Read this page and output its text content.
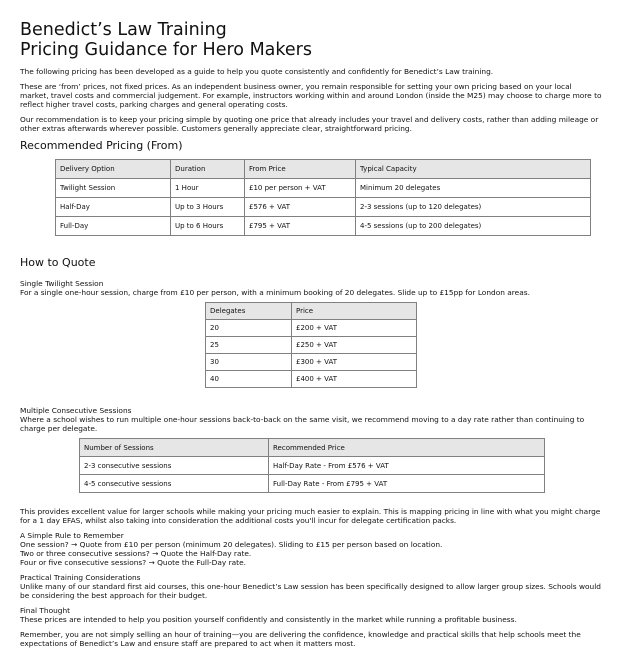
Benedict’s Law Training
Pricing Guidance for Hero Makers

The following pricing has been developed as a guide to help you quote consistently and confidently for Benedict’s Law training.

These are ‘from’ prices, not fixed prices. As an independent business owner, you remain responsible for setting your own pricing based on your local market, travel costs and commercial judgement. For example, instructors working within and around London (inside the M25) may choose to charge more to reflect higher travel costs, parking charges and general operating costs.

Our recommendation is to keep your pricing simple by quoting one price that already includes your travel and delivery costs, rather than adding mileage or other extras afterwards wherever possible. Customers generally appreciate clear, straightforward pricing.

Recommended Pricing (From)
Delivery Option	Duration	From Price	Typical Capacity
Twilight Session	1 Hour	£10 per person + VAT	Minimum 20 delegates
Half-Day	Up to 3 Hours	£576 + VAT	2-3 sessions (up to 120 delegates)
Full-Day	Up to 6 Hours	£795 + VAT	4-5 sessions (up to 200 delegates)
How to Quote

Single Twilight Session

For a single one-hour session, charge from £10 per person, with a minimum booking of 20 delegates. Slide up to £15pp for London areas.

Delegates	Price
20	£200 + VAT
25	£250 + VAT
30	£300 + VAT
40	£400 + VAT

Multiple Consecutive Sessions

Where a school wishes to run multiple one-hour sessions back-to-back on the same visit, we recommend moving to a day rate rather than continuing to charge per delegate.

Number of Sessions	Recommended Price
2-3 consecutive sessions	Half-Day Rate - From £576 + VAT
4-5 consecutive sessions	Full-Day Rate - From £795 + VAT

This provides excellent value for larger schools while making your pricing much easier to explain. This is mapping pricing in line with what you might charge for a 1 day EFAS, whilst also taking into consideration the additional costs you'll incur for delegate certification packs.

A Simple Rule to Remember

One session? → Quote from £10 per person (minimum 20 delegates). Sliding to £15 per person based on location.

Two or three consecutive sessions? → Quote the Half-Day rate.

Four or five consecutive sessions? → Quote the Full-Day rate.

Practical Training Considerations

Unlike many of our standard first aid courses, this one-hour Benedict’s Law session has been specifically designed to allow larger group sizes. Schools would be considering the best approach for their budget.

Final Thought

These prices are intended to help you position yourself confidently and consistently in the market while running a profitable business.

Remember, you are not simply selling an hour of training—you are delivering the confidence, knowledge and practical skills that help schools meet the expectations of Benedict’s Law and ensure staff are prepared to act when it matters most.
